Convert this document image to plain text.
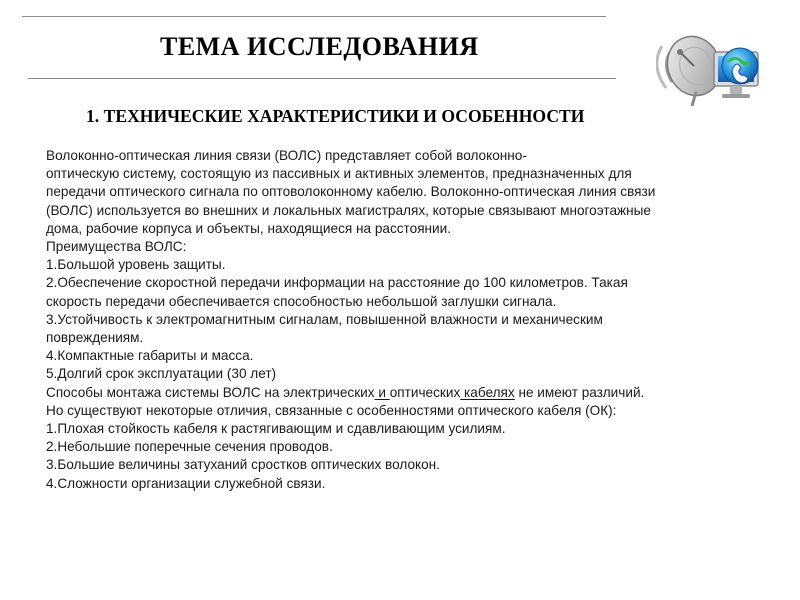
ТЕМА ИССЛЕДОВАНИЯ
1. ТЕХНИЧЕСКИЕ ХАРАКТЕРИСТИКИ И ОСОБЕННОСТИ
Волоконно-оптическая линия связи (ВОЛС) представляет собой волоконно-
оптическую систему, состоящую из пассивных и активных элементов, предназначенных для
передачи оптического сигнала по оптоволоконному кабелю. Волоконно-оптическая линия связи
(ВОЛС) используется во внешних и локальных магистралях, которые связывают многоэтажные
дома, рабочие корпуса и объекты, находящиеся на расстоянии.
Преимущества ВОЛС:
1.Большой уровень защиты.
2.Обеспечение скоростной передачи информации на расстояние до 100 километров. Такая
скорость передачи обеспечивается способностью небольшой заглушки сигнала.
3.Устойчивость к электромагнитным сигналам, повышенной влажности и механическим
повреждениям.
4.Компактные габариты и масса.
5.Долгий срок эксплуатации (30 лет)
Способы монтажа системы ВОЛС на электрических и оптических кабелях не имеют различий.
Но существуют некоторые отличия, связанные с особенностями оптического кабеля (ОК):
1.Плохая стойкость кабеля к растягивающим и сдавливающим усилиям.
2.Небольшие поперечные сечения проводов.
3.Большие величины затуханий сростков оптических волокон.
4.Сложности организации служебной связи.
